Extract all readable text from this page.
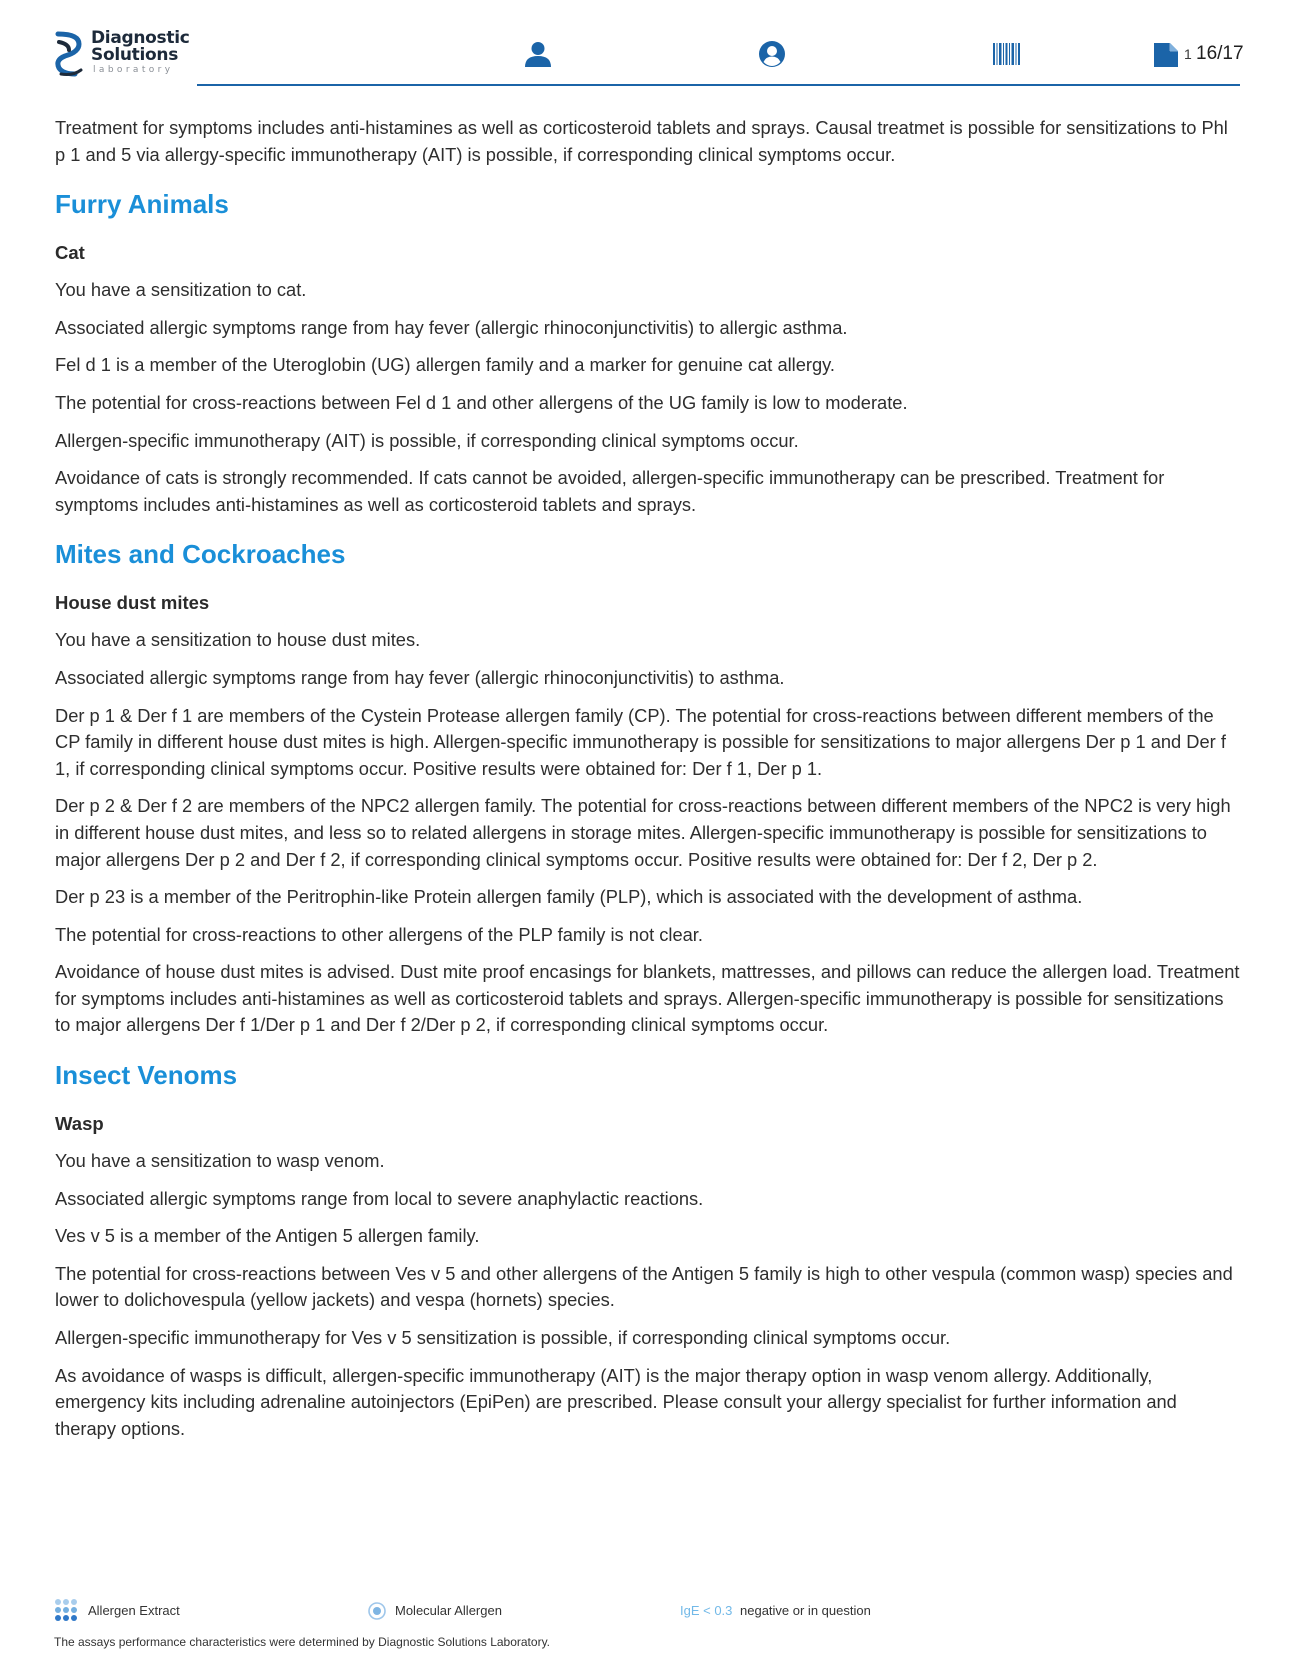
Diagnostic
Solutions
laboratory
1 16/17

Treatment for symptoms includes anti-histamines as well as corticosteroid tablets and sprays. Causal treatmet is possible for sensitizations to Phl p 1 and 5 via allergy-specific immunotherapy (AIT) is possible, if corresponding clinical symptoms occur.

Furry Animals
Cat

You have a sensitization to cat.

Associated allergic symptoms range from hay fever (allergic rhinoconjunctivitis) to allergic asthma.

Fel d 1 is a member of the Uteroglobin (UG) allergen family and a marker for genuine cat allergy.

The potential for cross-reactions between Fel d 1 and other allergens of the UG family is low to moderate.

Allergen-specific immunotherapy (AIT) is possible, if corresponding clinical symptoms occur.

Avoidance of cats is strongly recommended. If cats cannot be avoided, allergen-specific immunotherapy can be prescribed. Treatment for symptoms includes anti-histamines as well as corticosteroid tablets and sprays.

Mites and Cockroaches
House dust mites

You have a sensitization to house dust mites.

Associated allergic symptoms range from hay fever (allergic rhinoconjunctivitis) to asthma.

Der p 1 & Der f 1 are members of the Cystein Protease allergen family (CP). The potential for cross-reactions between different members of the CP family in different house dust mites is high. Allergen-specific immunotherapy is possible for sensitizations to major allergens Der p 1 and Der f 1, if corresponding clinical symptoms occur. Positive results were obtained for: Der f 1, Der p 1.

Der p 2 & Der f 2 are members of the NPC2 allergen family. The potential for cross-reactions between different members of the NPC2 is very high in different house dust mites, and less so to related allergens in storage mites. Allergen-specific immunotherapy is possible for sensitizations to major allergens Der p 2 and Der f 2, if corresponding clinical symptoms occur. Positive results were obtained for: Der f 2, Der p 2.

Der p 23 is a member of the Peritrophin-like Protein allergen family (PLP), which is associated with the development of asthma.

The potential for cross-reactions to other allergens of the PLP family is not clear.

Avoidance of house dust mites is advised. Dust mite proof encasings for blankets, mattresses, and pillows can reduce the allergen load. Treatment for symptoms includes anti-histamines as well as corticosteroid tablets and sprays. Allergen-specific immunotherapy is possible for sensitizations to major allergens Der f 1/Der p 1 and Der f 2/Der p 2, if corresponding clinical symptoms occur.

Insect Venoms
Wasp

You have a sensitization to wasp venom.

Associated allergic symptoms range from local to severe anaphylactic reactions.

Ves v 5 is a member of the Antigen 5 allergen family.

The potential for cross-reactions between Ves v 5 and other allergens of the Antigen 5 family is high to other vespula (common wasp) species and lower to dolichovespula (yellow jackets) and vespa (hornets) species.

Allergen-specific immunotherapy for Ves v 5 sensitization is possible, if corresponding clinical symptoms occur.

As avoidance of wasps is difficult, allergen-specific immunotherapy (AIT) is the major therapy option in wasp venom allergy. Additionally, emergency kits including adrenaline autoinjectors (EpiPen) are prescribed. Please consult your allergy specialist for further information and therapy options.

Allergen Extract	Molecular Allergen	IgE < 0.3 negative or in question
The assays performance characteristics were determined by Diagnostic Solutions Laboratory.
